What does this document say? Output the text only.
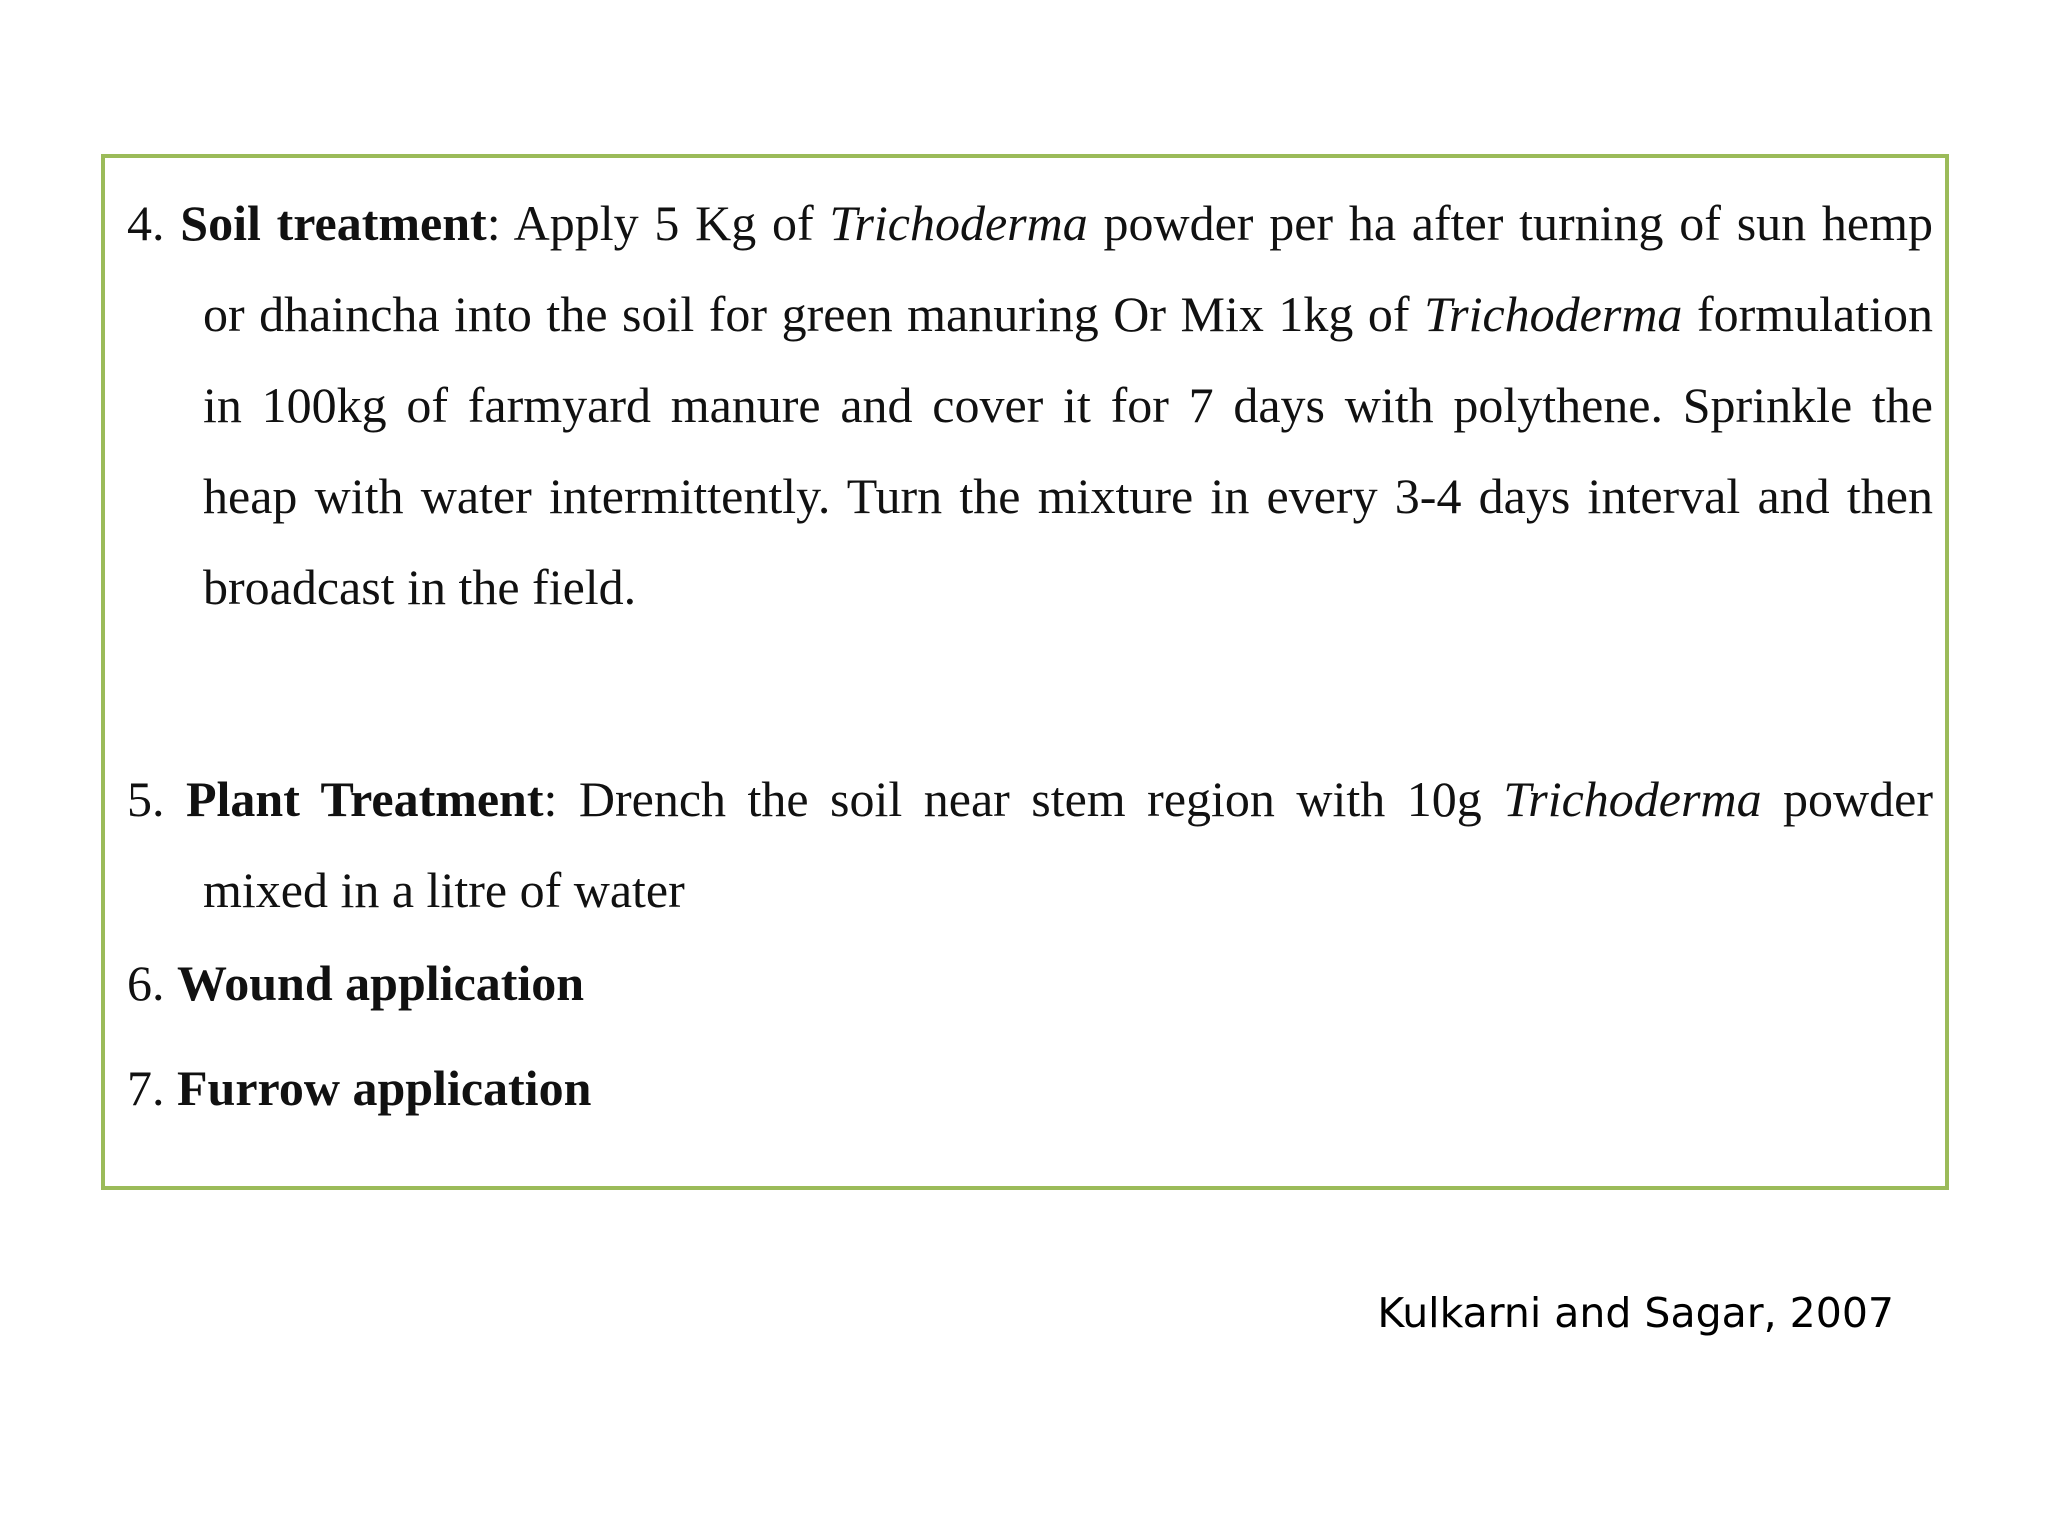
4. Soil treatment: Apply 5 Kg of Trichoderma powder per ha after turning of sun hemp or dhaincha into the soil for green manuring Or Mix 1kg of Trichoderma formulation in 100kg of farmyard manure and cover it for 7 days with polythene. Sprinkle the heap with water intermittently. Turn the mixture in every 3-4 days interval and then broadcast in the field.
5. Plant Treatment: Drench the soil near stem region with 10g Trichoderma powder mixed in a litre of water
6. Wound application
7. Furrow application
Kulkarni and Sagar, 2007
